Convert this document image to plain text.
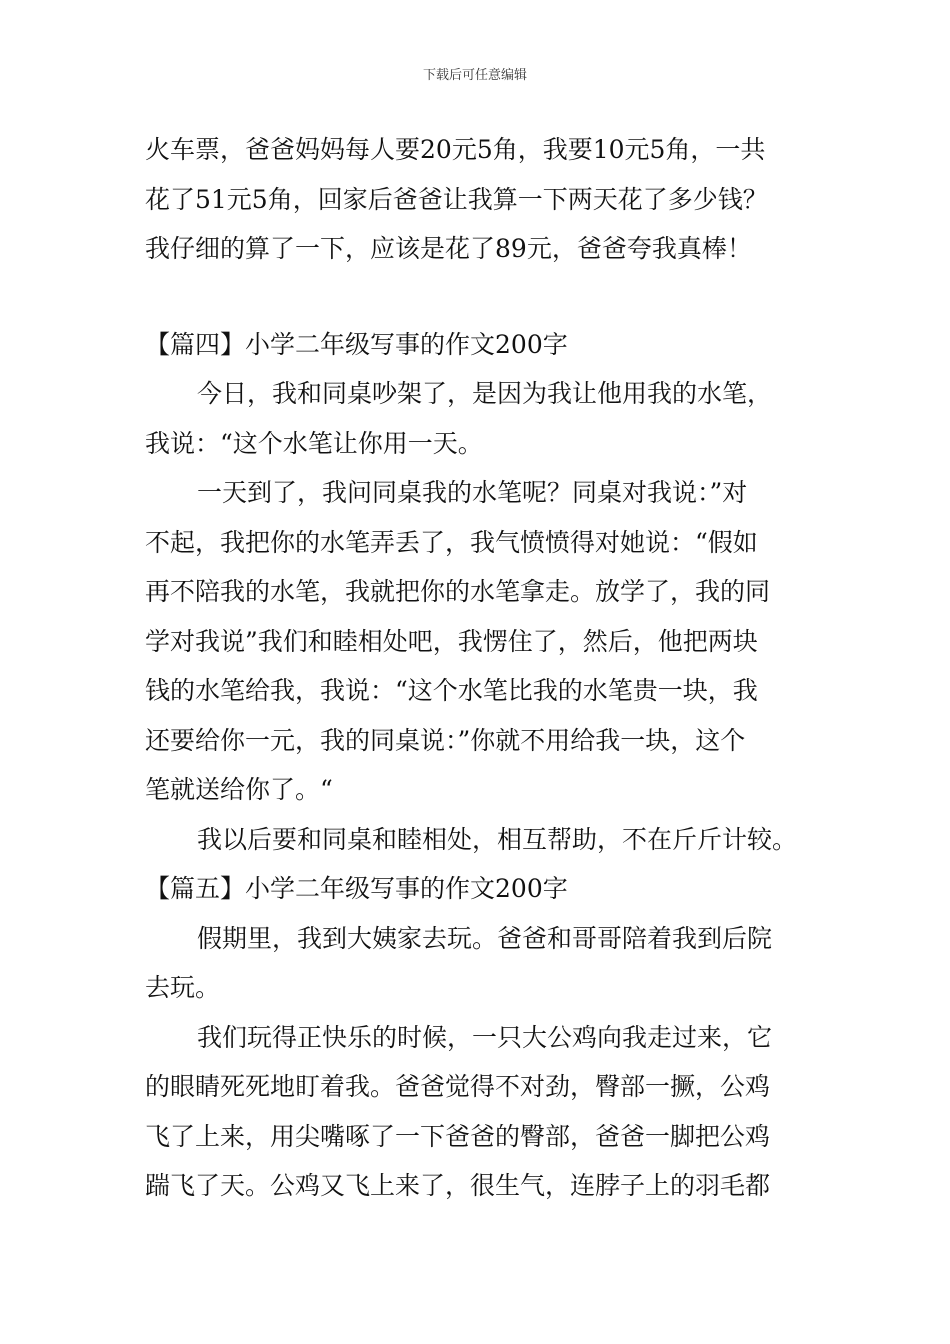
下载后可任意编辑
火车票，爸爸妈妈每人要20元5角，我要10元5角，一共
花了51元5角，回家后爸爸让我算一下两天花了多少钱？
我仔细的算了一下，应该是花了89元，爸爸夸我真棒！
【篇四】小学二年级写事的作文200字
今日，我和同桌吵架了，是因为我让他用我的水笔，
我说：“这个水笔让你用一天。
一天到了，我问同桌我的水笔呢？同桌对我说：”对
不起，我把你的水笔弄丢了，我气愤愤得对她说：“假如
再不陪我的水笔，我就把你的水笔拿走。放学了，我的同
学对我说”我们和睦相处吧，我愣住了，然后，他把两块
钱的水笔给我，我说：“这个水笔比我的水笔贵一块，我
还要给你一元，我的同桌说：”你就不用给我一块，这个
笔就送给你了。“
我以后要和同桌和睦相处，相互帮助，不在斤斤计较。
【篇五】小学二年级写事的作文200字
假期里，我到大姨家去玩。爸爸和哥哥陪着我到后院
去玩。
我们玩得正快乐的时候，一只大公鸡向我走过来，它
的眼睛死死地盯着我。爸爸觉得不对劲，臀部一撅，公鸡
飞了上来，用尖嘴啄了一下爸爸的臀部，爸爸一脚把公鸡
踹飞了天。公鸡又飞上来了，很生气，连脖子上的羽毛都
